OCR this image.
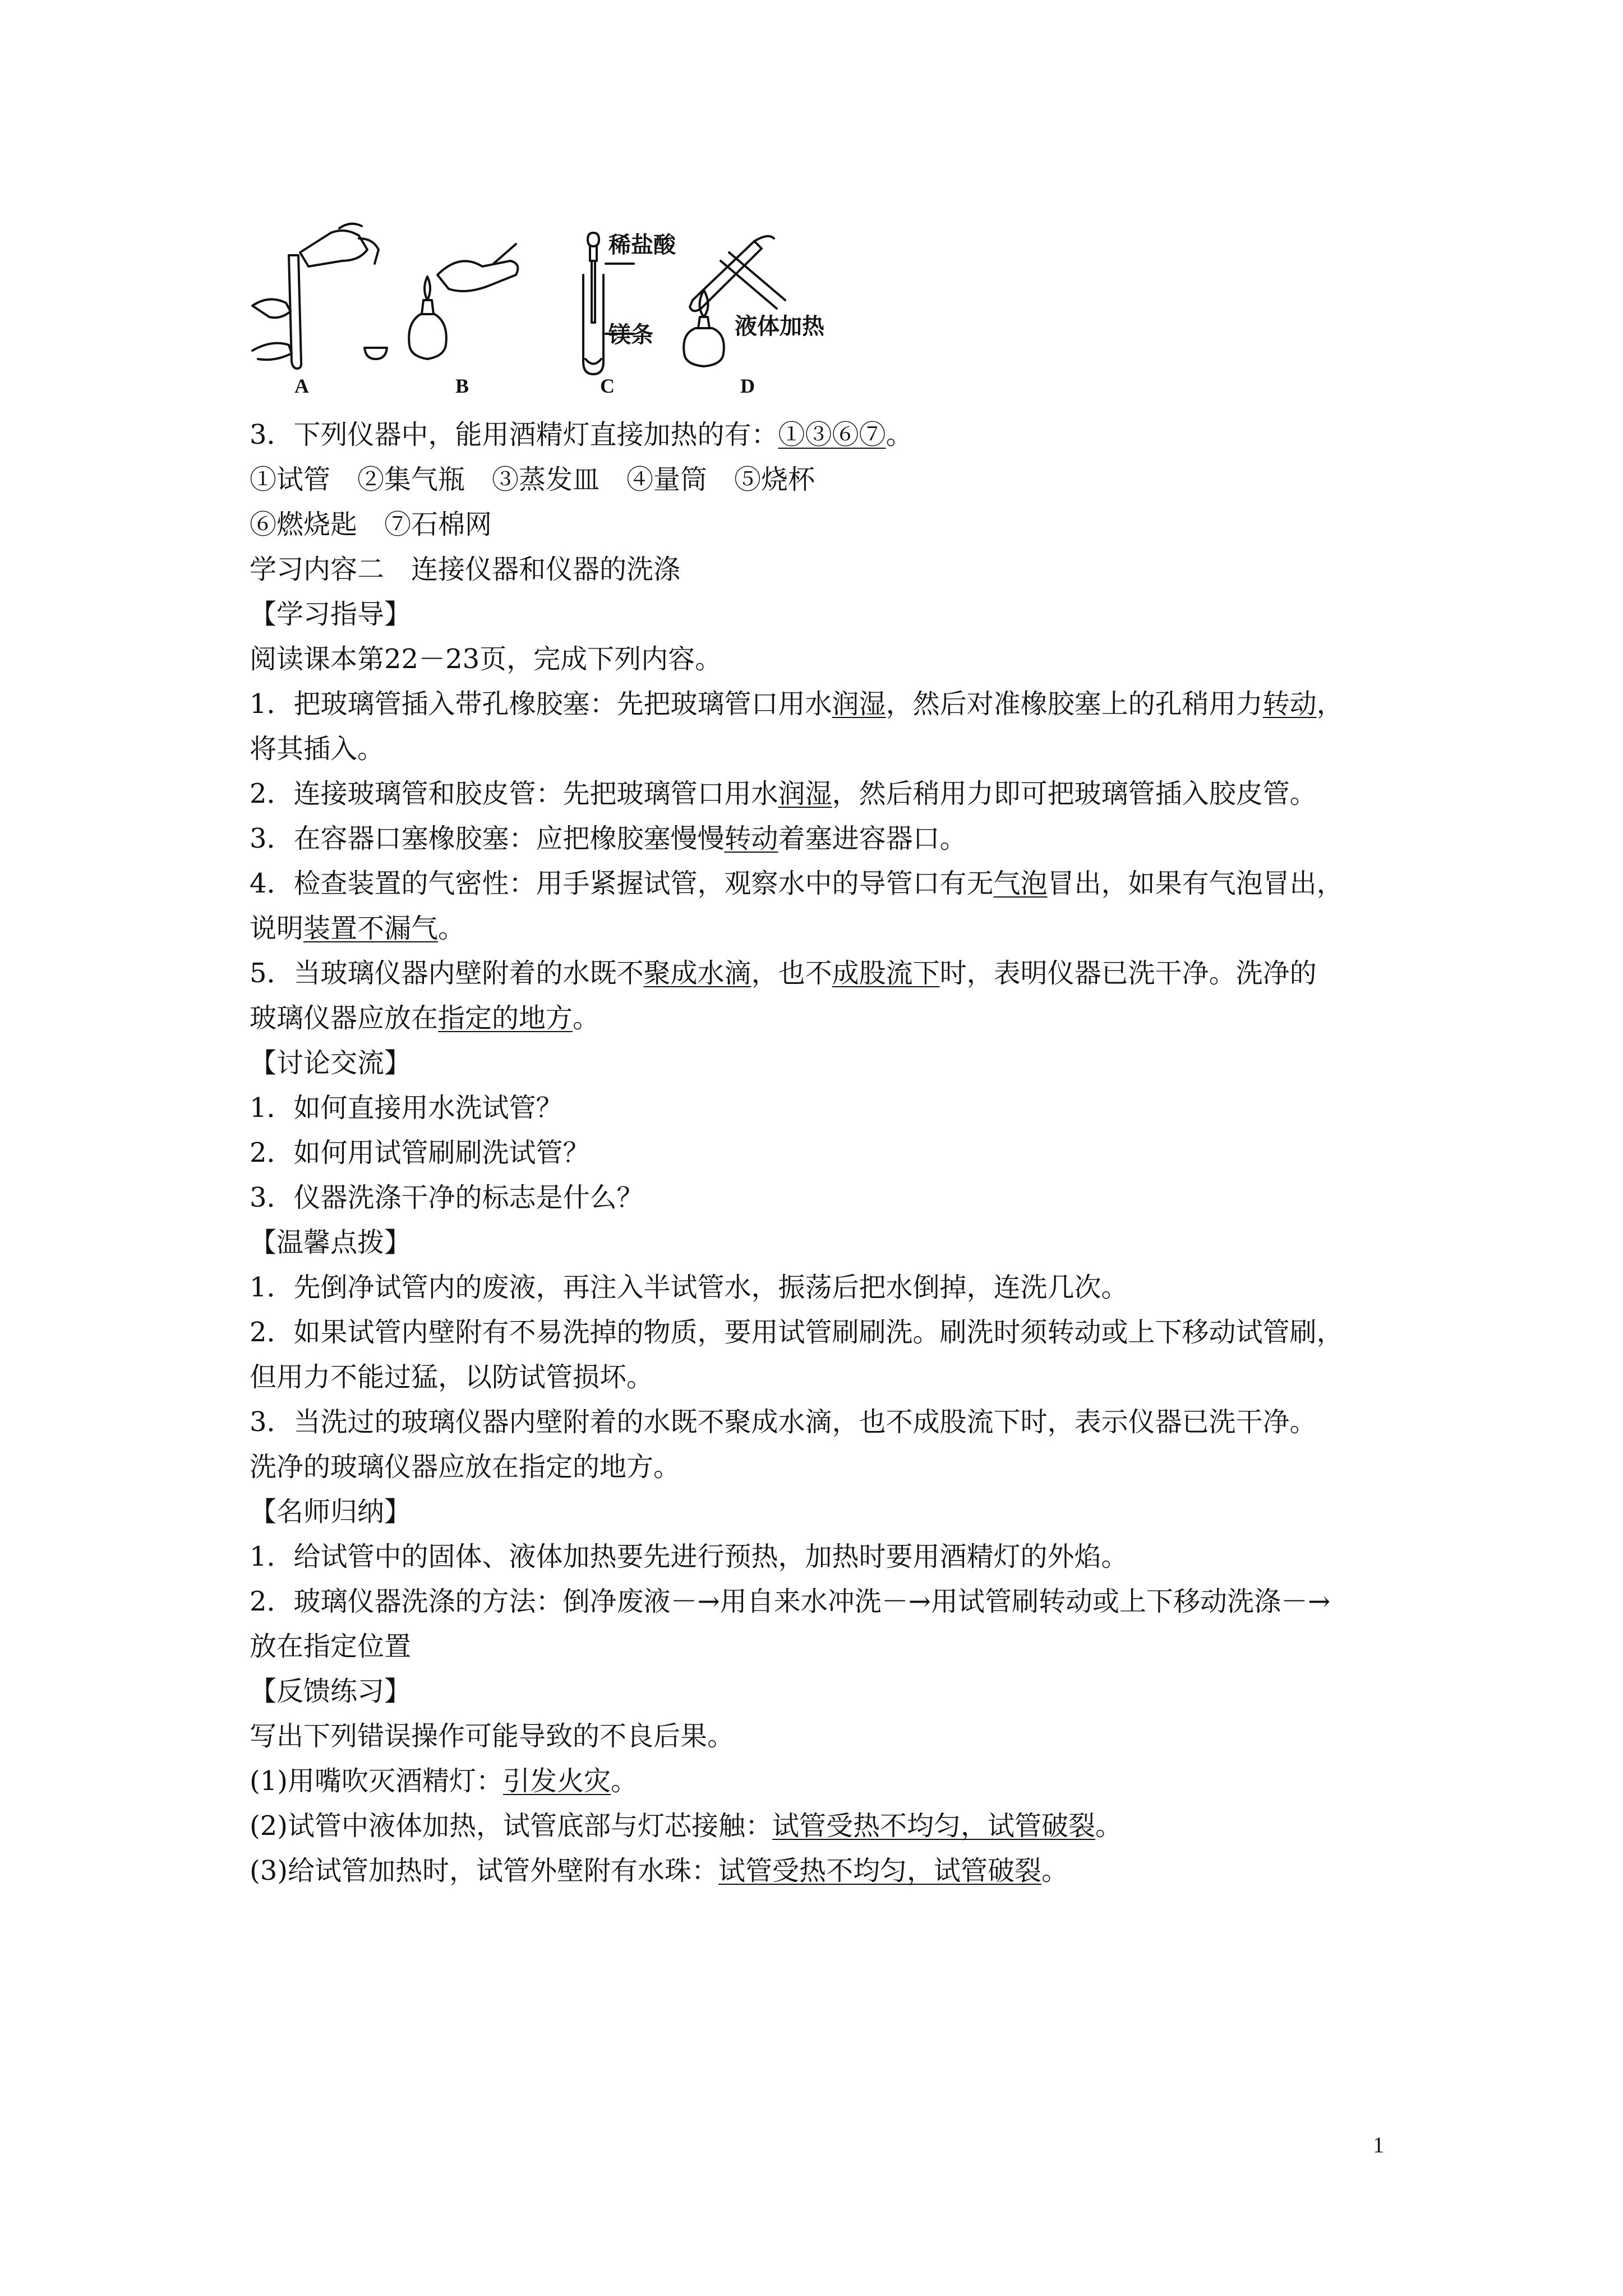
稀盐酸
镁条	液体加热
A	B	C	D
3．下列仪器中，能用酒精灯直接加热的有：①③⑥⑦。
①试管　②集气瓶　③蒸发皿　④量筒　⑤烧杯
⑥燃烧匙　⑦石棉网
学习内容二　连接仪器和仪器的洗涤
【学习指导】
阅读课本第22－23页，完成下列内容。
1．把玻璃管插入带孔橡胶塞：先把玻璃管口用水润湿，然后对准橡胶塞上的孔稍用力转动，
将其插入。
2．连接玻璃管和胶皮管：先把玻璃管口用水润湿，然后稍用力即可把玻璃管插入胶皮管。
3．在容器口塞橡胶塞：应把橡胶塞慢慢转动着塞进容器口。
4．检查装置的气密性：用手紧握试管，观察水中的导管口有无气泡冒出，如果有气泡冒出，
说明装置不漏气。
5．当玻璃仪器内壁附着的水既不聚成水滴，也不成股流下时，表明仪器已洗干净。洗净的
玻璃仪器应放在指定的地方。
【讨论交流】
1．如何直接用水洗试管？
2．如何用试管刷刷洗试管？
3．仪器洗涤干净的标志是什么？
【温馨点拨】
1．先倒净试管内的废液，再注入半试管水，振荡后把水倒掉，连洗几次。
2．如果试管内壁附有不易洗掉的物质，要用试管刷刷洗。刷洗时须转动或上下移动试管刷，
但用力不能过猛，以防试管损坏。
3．当洗过的玻璃仪器内壁附着的水既不聚成水滴，也不成股流下时，表示仪器已洗干净。
洗净的玻璃仪器应放在指定的地方。
【名师归纳】
1．给试管中的固体、液体加热要先进行预热，加热时要用酒精灯的外焰。
2．玻璃仪器洗涤的方法：倒净废液－→用自来水冲洗－→用试管刷转动或上下移动洗涤－→
放在指定位置
【反馈练习】
写出下列错误操作可能导致的不良后果。
(1)用嘴吹灭酒精灯：引发火灾。
(2)试管中液体加热，试管底部与灯芯接触：试管受热不均匀，试管破裂。
(3)给试管加热时，试管外壁附有水珠：试管受热不均匀，试管破裂。
1
